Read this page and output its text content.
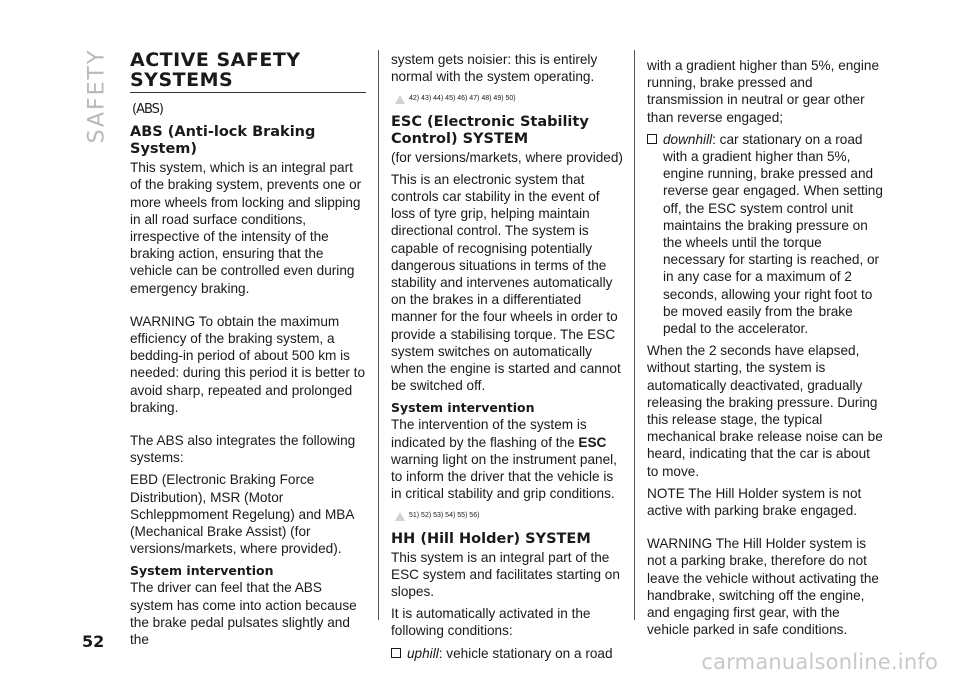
SAFETY ACTIVE SAFETY SYSTEMS
(ABS)
ABS (Anti-lock Braking System)

This system, which is an integral part of the braking system, prevents one or more wheels from locking and slipping in all road surface conditions, irrespective of the intensity of the braking action, ensuring that the vehicle can be controlled even during emergency braking.

WARNING To obtain the maximum efficiency of the braking system, a bedding-in period of about 500 km is needed: during this period it is better to avoid sharp, repeated and prolonged braking.

The ABS also integrates the following systems:

EBD (Electronic Braking Force Distribution), MSR (Motor Schleppmoment Regelung) and MBA (Mechanical Brake Assist) (for versions/markets, where provided).

System intervention

The driver can feel that the ABS system has come into action because the brake pedal pulsates slightly and the

system gets noisier: this is entirely normal with the system operating.

42) 43) 44) 45) 46) 47) 48) 49) 50)
ESC (Electronic Stability Control) SYSTEM

(for versions/markets, where provided)

This is an electronic system that controls car stability in the event of loss of tyre grip, helping maintain directional control. The system is capable of recognising potentially dangerous situations in terms of the stability and intervenes automatically on the brakes in a differentiated manner for the four wheels in order to provide a stabilising torque. The ESC system switches on automatically when the engine is started and cannot be switched off.

System intervention

The intervention of the system is indicated by the flashing of the ESC warning light on the instrument panel, to inform the driver that the vehicle is in critical stability and grip conditions.

51) 52) 53) 54) 55) 56)
HH (Hill Holder) SYSTEM

This system is an integral part of the ESC system and facilitates starting on slopes.

It is automatically activated in the following conditions:

uphill: vehicle stationary on a road

with a gradient higher than 5%, engine running, brake pressed and transmission in neutral or gear other than reverse engaged;

downhill: car stationary on a road with a gradient higher than 5%, engine running, brake pressed and reverse gear engaged. When setting off, the ESC system control unit maintains the braking pressure on the wheels until the torque necessary for starting is reached, or in any case for a maximum of 2 seconds, allowing your right foot to be moved easily from the brake pedal to the accelerator.

When the 2 seconds have elapsed, without starting, the system is automatically deactivated, gradually releasing the braking pressure. During this release stage, the typical mechanical brake release noise can be heard, indicating that the car is about to move.

NOTE The Hill Holder system is not active with parking brake engaged.

WARNING The Hill Holder system is not a parking brake, therefore do not leave the vehicle without activating the handbrake, switching off the engine, and engaging first gear, with the vehicle parked in safe conditions.

52
carmanualsonline.info
